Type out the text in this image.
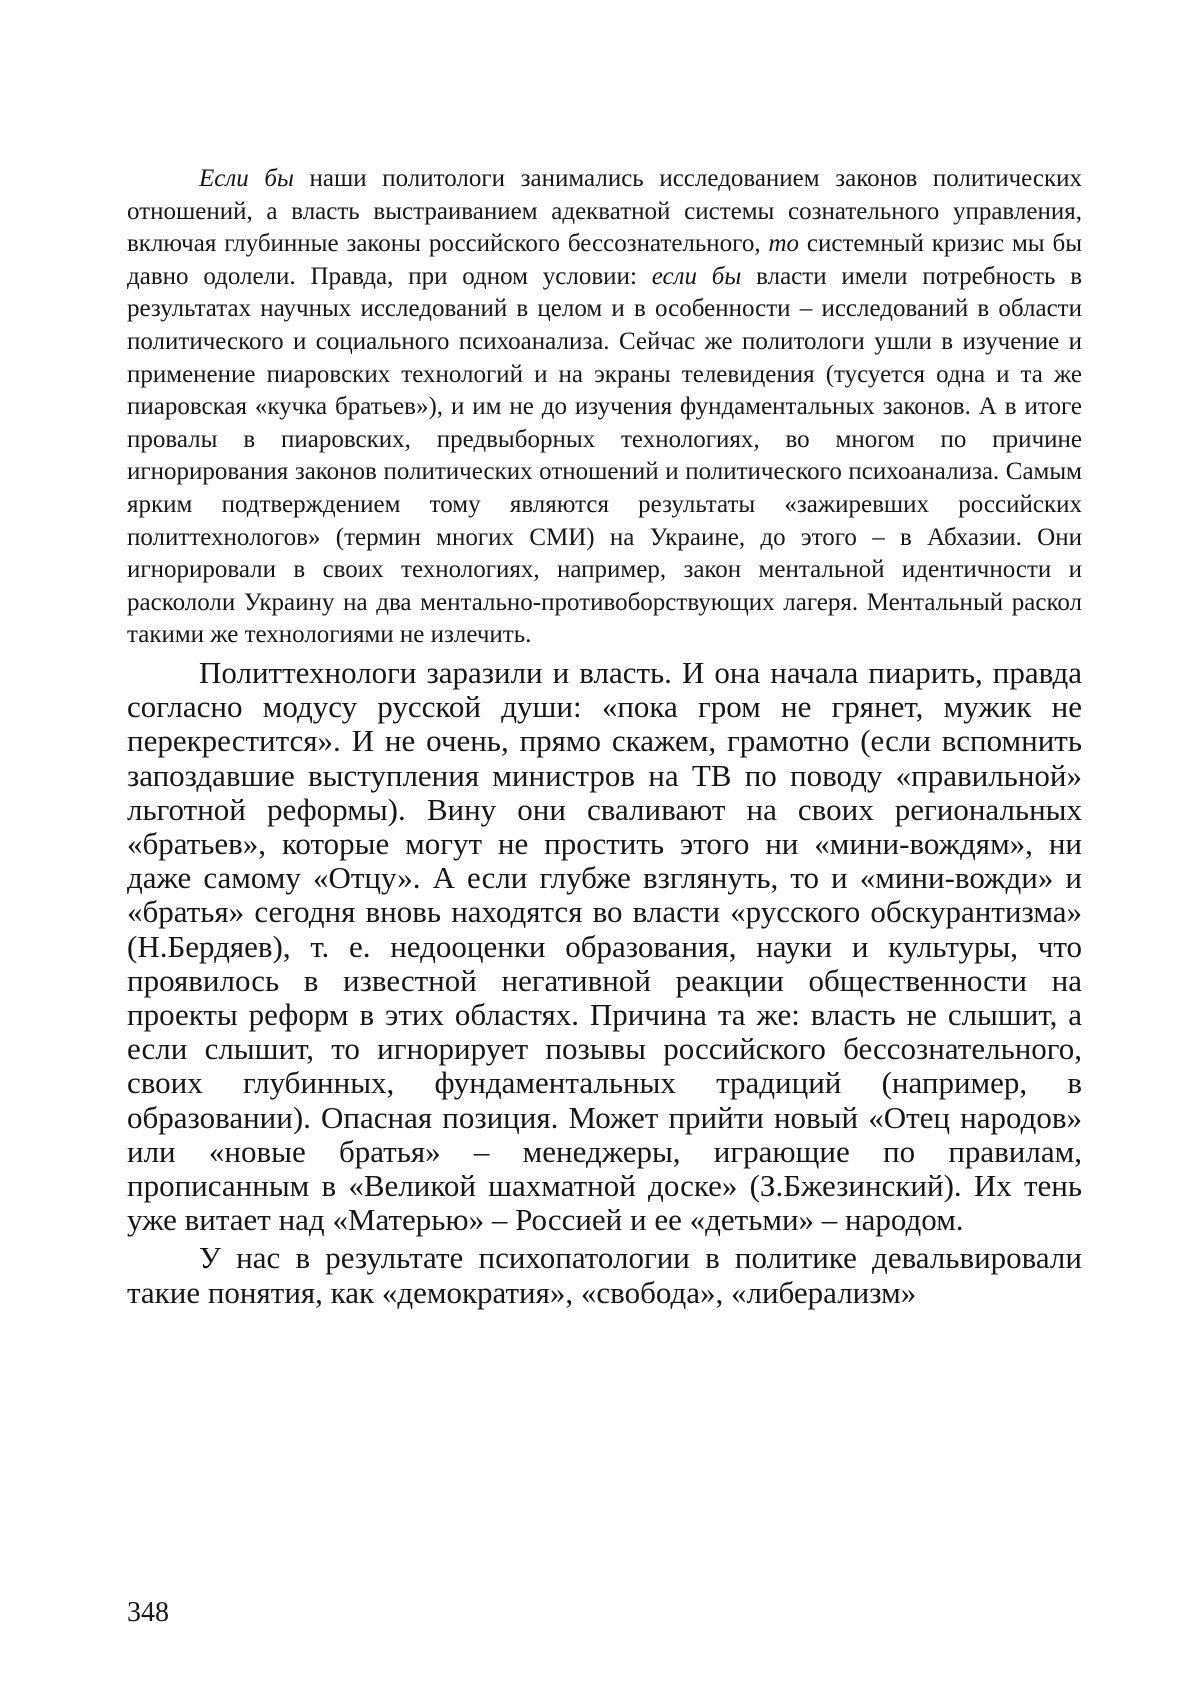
Если бы наши политологи занимались исследованием законов политических отношений, а власть выстраиванием адекватной системы сознательного управления, включая глубинные законы российского бессознательного, то системный кризис мы бы давно одолели. Правда, при одном условии: если бы власти имели потребность в результатах научных исследований в целом и в особенности – исследований в области политического и социального психоанализа. Сейчас же политологи ушли в изучение и применение пиаровских технологий и на экраны телевидения (тусуется одна и та же пиаровская «кучка братьев»), и им не до изучения фундаментальных законов. А в итоге провалы в пиаровских, предвыборных технологиях, во многом по причине игнорирования законов политических отношений и политического психоанализа. Самым ярким подтверждением тому являются результаты «зажиревших российских политтехнологов» (термин многих СМИ) на Украине, до этого – в Абхазии. Они игнорировали в своих технологиях, например, закон ментальной идентичности и раскололи Украину на два ментально-противоборствующих лагеря. Ментальный раскол такими же технологиями не излечить.

Политтехнологи заразили и власть. И она начала пиарить, правда согласно модусу русской души: «пока гром не грянет, мужик не перекрестится». И не очень, прямо скажем, грамотно (если вспомнить запоздавшие выступления министров на ТВ по поводу «правильной» льготной реформы). Вину они сваливают на своих региональных «братьев», которые могут не простить этого ни «мини-вождям», ни даже самому «Отцу». А если глубже взглянуть, то и «мини-вожди» и «братья» сегодня вновь находятся во власти «русского обскурантизма» (Н.Бердяев), т. е. недооценки образования, науки и культуры, что проявилось в известной негативной реакции общественности на проекты реформ в этих областях. Причина та же: власть не слышит, а если слышит, то игнорирует позывы российского бессознательного, своих глубинных, фундаментальных традиций (например, в образовании). Опасная позиция. Может прийти новый «Отец народов» или «новые братья» – менеджеры, играющие по правилам, прописанным в «Великой шахматной доске» (З.Бжезинский). Их тень уже витает над «Матерью» – Россией и ее «детьми» – народом.

У нас в результате психопатологии в политике девальвировали такие понятия, как «демократия», «свобода», «либерализм»

348
